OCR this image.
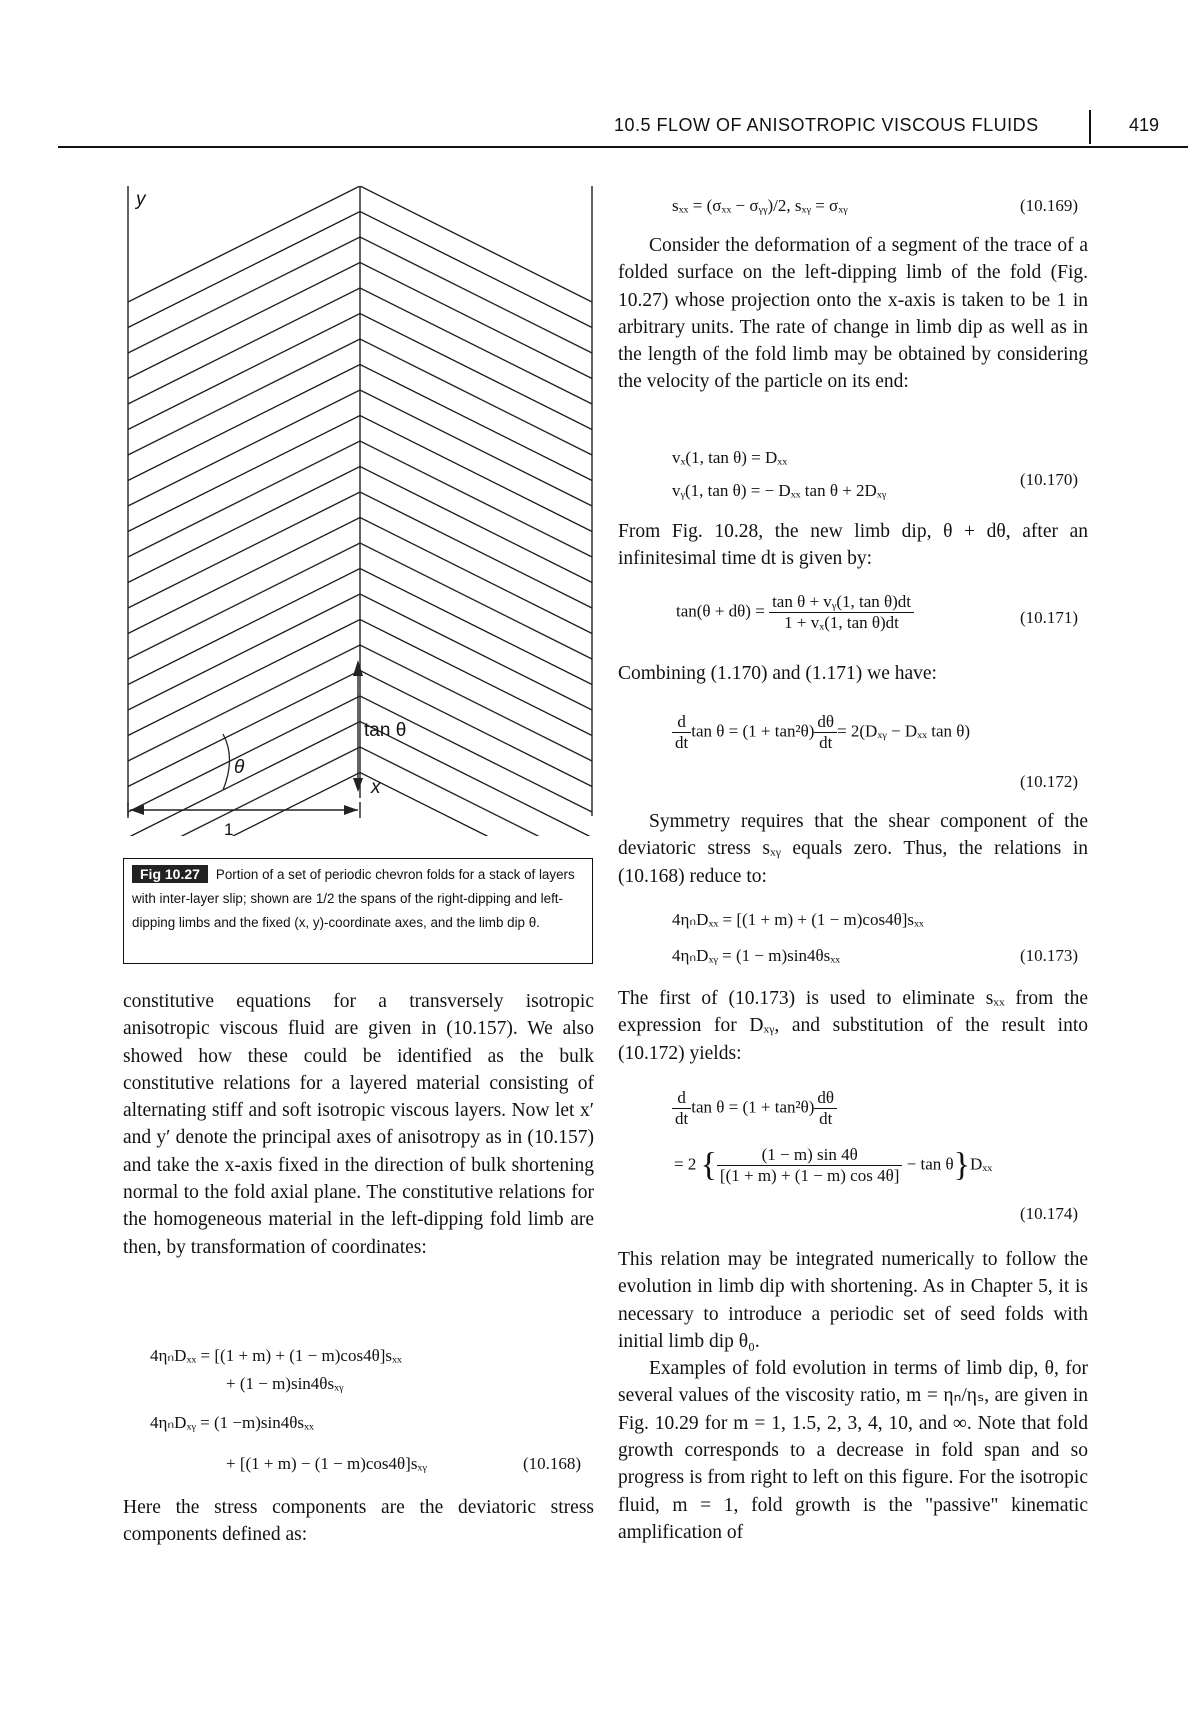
10.5 FLOW OF ANISOTROPIC VISCOUS FLUIDS	419
y
tan θ
θ
x
1
Fig 10.27 Portion of a set of periodic chevron folds for a stack of layers with inter-layer slip; shown are 1/2 the spans of the right-dipping and left-dipping limbs and the fixed (x, y)-coordinate axes, and the limb dip θ.

constitutive equations for a transversely isotropic anisotropic viscous fluid are given in (10.157). We also showed how these could be identified as the bulk constitutive relations for a layered material consisting of alternating stiff and soft isotropic viscous layers. Now let x′ and y′ denote the principal axes of anisotropy as in (10.157) and take the x-axis fixed in the direction of bulk shortening normal to the fold axial plane. The constitutive relations for the homogeneous material in the left-dipping fold limb are then, by transformation of coordinates:

4ηₙDₓₓ = [(1 + m) + (1 − m)cos4θ]sₓₓ
+ (1 − m)sin4θsₓᵧ
4ηₙDₓᵧ = (1 −m)sin4θsₓₓ
+ [(1 + m) − (1 − m)cos4θ]sₓᵧ	(10.168)

Here the stress components are the deviatoric stress components defined as:

sₓₓ = (σₓₓ − σᵧᵧ)/2, sₓᵧ = σₓᵧ	(10.169)

Consider the deformation of a segment of the trace of a folded surface on the left-dipping limb of the fold (Fig. 10.27) whose projection onto the x-axis is taken to be 1 in arbitrary units. The rate of change in limb dip as well as in the length of the fold limb may be obtained by considering the velocity of the particle on its end:

vₓ(1, tan θ) = Dₓₓ
vᵧ(1, tan θ) = − Dₓₓ tan θ + 2Dₓᵧ
(10.170)

From Fig. 10.28, the new limb dip, θ + dθ, after an infinitesimal time dt is given by:

$\tan(\theta + d\theta) = \frac{\text{tan θ + vᵧ(1, tan θ)dt}}{\text{1 + vₓ(1, tan θ)dt}}$	(10.171)

Combining (1.170) and (1.171) we have:

$\frac{d}{dt}$ $\tan \theta = (1 + \tan^2\theta) \frac{d\theta}{dt}$ = 2(Dₓᵧ − Dₓₓ tan θ)
(10.172)

Symmetry requires that the shear component of the deviatoric stress sₓᵧ equals zero. Thus, the relations in (10.168) reduce to:

4ηₙDₓₓ = [(1 + m) + (1 − m)cos4θ]sₓₓ
4ηₙDₓᵧ = (1 − m)sin4θsₓₓ	(10.173)

The first of (10.173) is used to eliminate sₓₓ from the expression for Dₓᵧ, and substitution of the result into (10.172) yields:

$\frac{d}{dt}$ $\tan \theta = (1 + \tan^2\theta) \frac{d\theta}{dt}$
= 2 { $\frac{(1 - m) \sin 4\theta}{[(1 + m) + (1 - m) \cos 4\theta]} - \tan \theta\}D_{xx}$
(10.174)

This relation may be integrated numerically to follow the evolution in limb dip with shortening. As in Chapter 5, it is necessary to introduce a periodic set of seed folds with initial limb dip θ₀.

Examples of fold evolution in terms of limb dip, θ, for several values of the viscosity ratio, m = ηₙ/ηₛ, are given in Fig. 10.29 for m = 1, 1.5, 2, 3, 4, 10, and ∞. Note that fold growth corresponds to a decrease in fold span and so progress is from right to left on this figure. For the isotropic fluid, m = 1, fold growth is the "passive" kinematic amplification of
